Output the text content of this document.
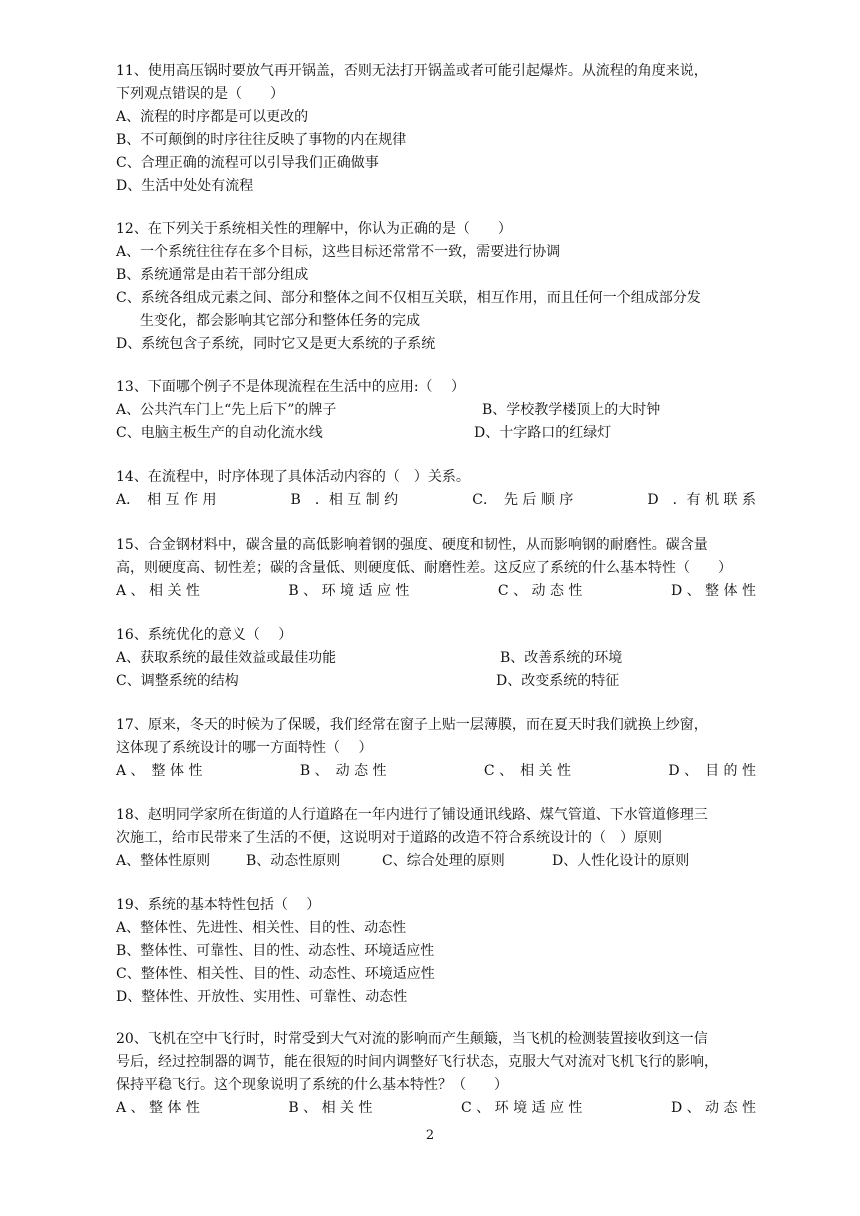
11、使用高压锅时要放气再开锅盖，否则无法打开锅盖或者可能引起爆炸。从流程的角度来说，
下列观点错误的是（　　）
A、流程的时序都是可以更改的
B、不可颠倒的时序往往反映了事物的内在规律
C、合理正确的流程可以引导我们正确做事
D、生活中处处有流程
12、在下列关于系统相关性的理解中，你认为正确的是（　　）
A、一个系统往往存在多个目标，这些目标还常常不一致，需要进行协调
B、系统通常是由若干部分组成
C、系统各组成元素之间、部分和整体之间不仅相互关联，相互作用，而且任何一个组成部分发
生变化，都会影响其它部分和整体任务的完成
D、系统包含子系统，同时它又是更大系统的子系统
13、下面哪个例子不是体现流程在生活中的应用:（　 ）
A、公共汽车门上“先上后下”的牌子	B、学校教学楼顶上的大时钟
C、电脑主板生产的自动化流水线	D、十字路口的红绿灯
14、在流程中，时序体现了具体活动内容的（　）关系。
A．　相 互 作 用	B　．相 互 制 约	C．　先 后 顺 序	D　．有 机 联 系
15、合金钢材料中，碳含量的高低影响着钢的强度、硬度和韧性，从而影响钢的耐磨性。碳含量
高，则硬度高、韧性差；碳的含量低、则硬度低、耐磨性差。这反应了系统的什么基本特性（　　）
A 、 相 关 性	B 、 环 境 适 应 性	C 、 动 态 性	D 、 整 体 性
16、系统优化的意义（　 ）
A、获取系统的最佳效益或最佳功能	B、改善系统的环境
C、调整系统的结构	D、改变系统的特征
17、原来，冬天的时候为了保暖，我们经常在窗子上贴一层薄膜，而在夏天时我们就换上纱窗，
这体现了系统设计的哪一方面特性（　 ）
A 、　整 体 性	B 、　动 态 性	C 、　相 关 性	D 、　目 的 性
18、赵明同学家所在街道的人行道路在一年内进行了铺设通讯线路、煤气管道、下水管道修理三
次施工，给市民带来了生活的不便，这说明对于道路的改造不符合系统设计的（　）原则
A、整体性原则	B、动态性原则	C、综合处理的原则	D、人性化设计的原则
19、系统的基本特性包括（　 ）
A、整体性、先进性、相关性、目的性、动态性
B、整体性、可靠性、目的性、动态性、环境适应性
C、整体性、相关性、目的性、动态性、环境适应性
D、整体性、开放性、实用性、可靠性、动态性
20、飞机在空中飞行时，时常受到大气对流的影响而产生颠簸，当飞机的检测装置接收到这一信
号后，经过控制器的调节，能在很短的时间内调整好飞行状态，克服大气对流对飞机飞行的影响，
保持平稳飞行。这个现象说明了系统的什么基本特性？（　　）
A 、 整 体 性	B 、 相 关 性	C 、 环 境 适 应 性	D 、 动 态 性
2
